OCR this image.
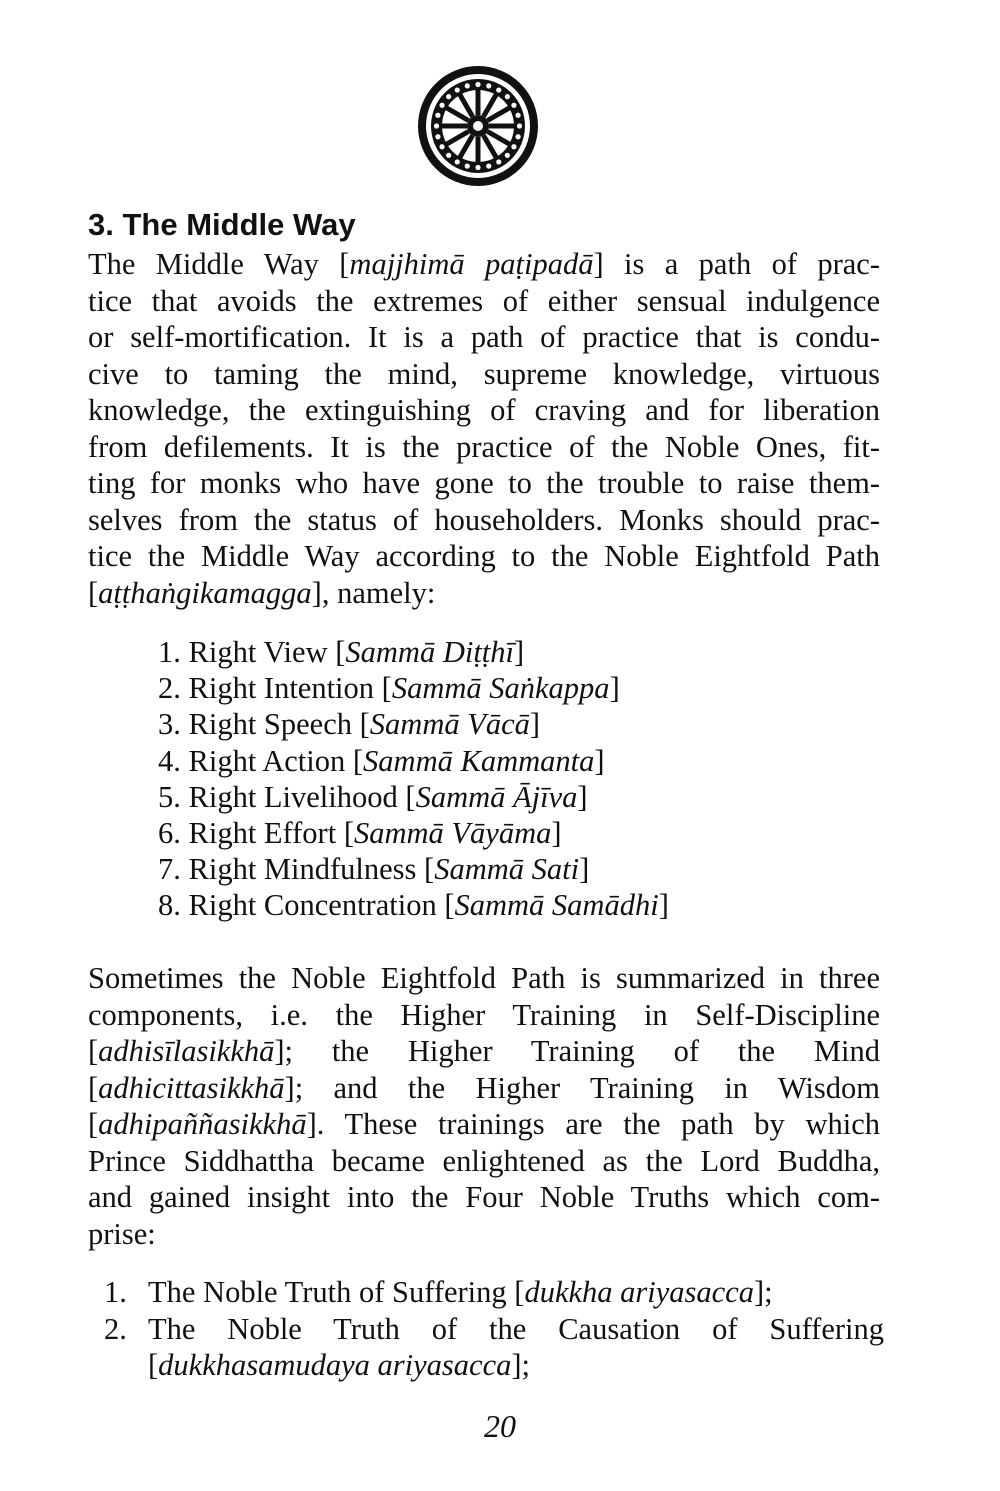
3. The Middle Way
The Middle Way [majjhimā paṭipadā] is a path of prac-
tice that avoids the extremes of either sensual indulgence
or self-mortification. It is a path of practice that is condu-
cive to taming the mind, supreme knowledge, virtuous
knowledge, the extinguishing of craving and for liberation
from defilements. It is the practice of the Noble Ones, fit-
ting for monks who have gone to the trouble to raise them-
selves from the status of householders. Monks should prac-
tice the Middle Way according to the Noble Eightfold Path
[aṭṭhaṅgikamagga], namely:
1. Right View [Sammā Diṭṭhī]
2. Right Intention [Sammā Saṅkappa]
3. Right Speech [Sammā Vācā]
4. Right Action [Sammā Kammanta]
5. Right Livelihood [Sammā Ājīva]
6. Right Effort [Sammā Vāyāma]
7. Right Mindfulness [Sammā Sati]
8. Right Concentration [Sammā Samādhi]
Sometimes the Noble Eightfold Path is summarized in three
components, i.e. the Higher Training in Self-Discipline
[adhisīlasikkhā]; the Higher Training of the Mind
[adhicittasikkhā]; and the Higher Training in Wisdom
[adhipaññasikkhā]. These trainings are the path by which
Prince Siddhattha became enlightened as the Lord Buddha,
and gained insight into the Four Noble Truths which com-
prise:
1. The Noble Truth of Suffering [dukkha ariyasacca];
2. The Noble Truth of the Causation of Suffering
[dukkhasamudaya ariyasacca];
20
